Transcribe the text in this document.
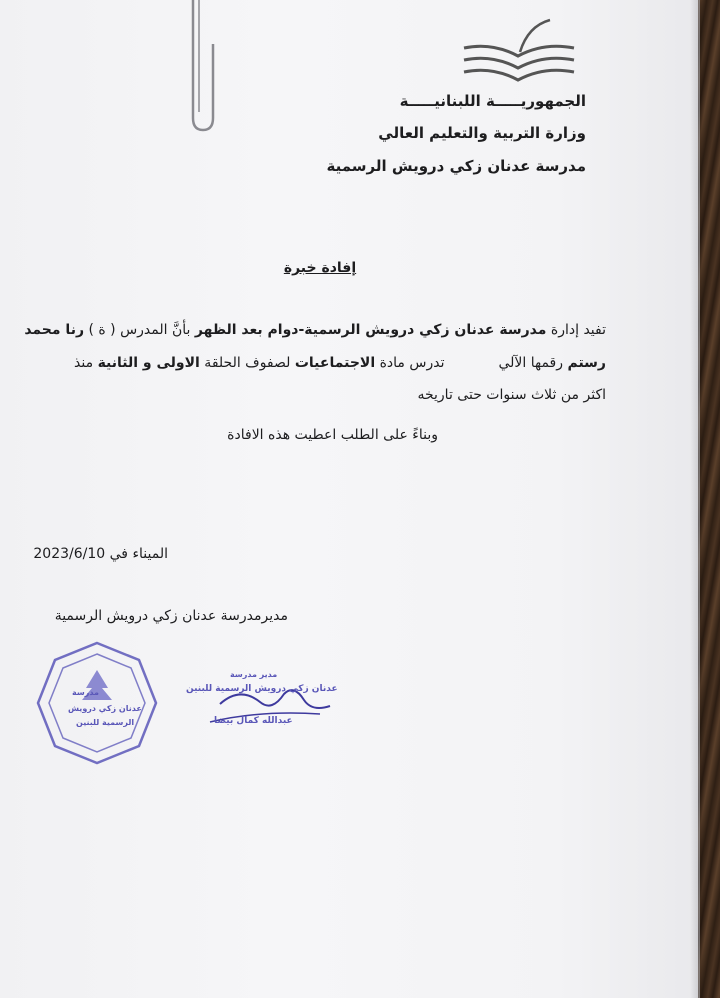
الجمهوريـــــة اللبنانيـــــة
وزارة التربية والتعليم العالي
مدرسة عدنان زكي درويش الرسمية
إفادة خبرة
تفيد إدارة مدرسة عدنان زكي درويش الرسمية-دوام بعد الظهر بأنَّ المدرس ( ة ) رنا محمد
رستم رقمها الآليتدرس مادة الاجتماعيات لصفوف الحلقة الاولى و الثانية منذ
اكثر من ثلاث سنوات حتى تاريخه
وبناءً على الطلب اعطيت هذه الافادة
الميناء في 2023/6/10
مديرمدرسة عدنان زكي درويش الرسمية
مدرسة
عدنان زكي درويش
الرسمية للبنين
مدير مدرسة
عدنان زكي درويش الرسمية للبنين
عبدالله كمال بيضا
